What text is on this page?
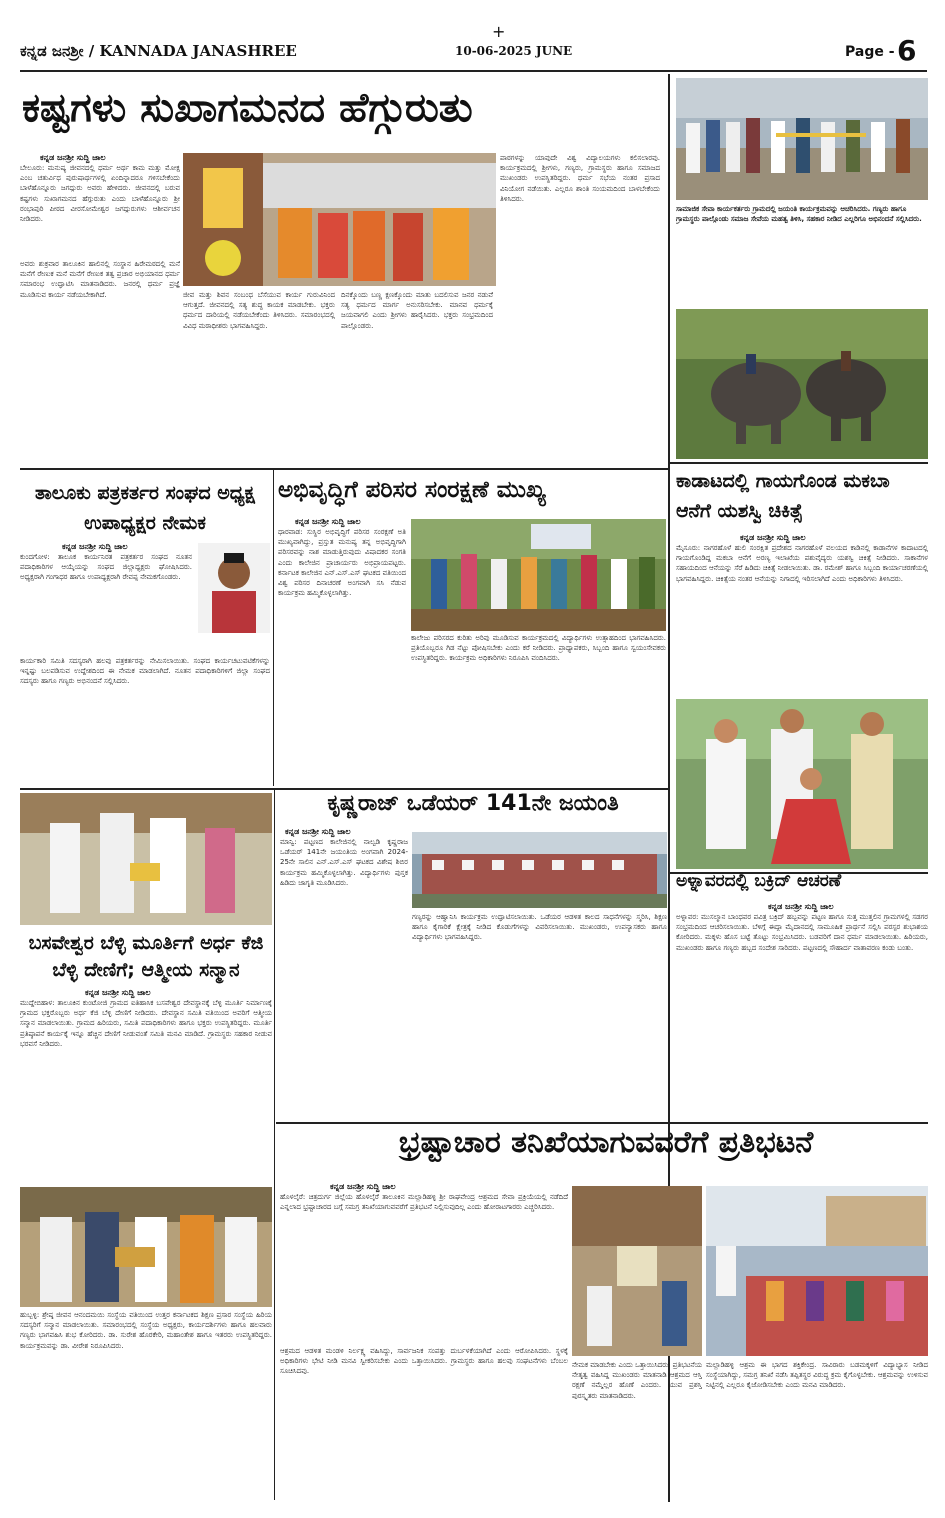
+
ಕನ್ನಡ ಜನಶ್ರೀ / KANNADA JANASHREE	10-06-2025 JUNE	Page - 6
ಕಷ್ಟಗಳು ಸುಖಾಗಮನದ ಹೆಗ್ಗುರುತು
ಕನ್ನಡ ಜನಶ್ರೀ ಸುದ್ದಿ ಜಾಲ
ಬೇಲೂರು: ಮನುಷ್ಯ ಜೀವನದಲ್ಲಿ ಧರ್ಮ ಅರ್ಥ ಕಾಮ ಮತ್ತು ಮೋಕ್ಷ ಎಂಬ ಚತುರ್ವಿಧ ಪುರುಷಾರ್ಥಗಳಲ್ಲಿ ಏಂದಿನ್ನಾದರೂ ಗಳಿಸಬೇಕೆಂದು ಬಾಳೆಹೊನ್ನೂರು ಜಗದ್ಗುರು ಅವರು ಹೇಳಿದರು. ಜೀವನದಲ್ಲಿ ಬರುವ ಕಷ್ಟಗಳು ಸುಖಾಗಮನದ ಹೆಗ್ಗುರುತು ಎಂದು ಬಾಳೆಹೊನ್ನೂರು ಶ್ರೀ ರಂಭಾಪುರಿ ಪೀಠದ ವೀರಸೋಮೇಶ್ವರ ಜಗದ್ಗುರುಗಳು ಆಶೀರ್ವಚನ ನೀಡಿದರು.
ಅವರು ಶುಕ್ರವಾರ ತಾಲೂಕಿನ ಹಾಲಿನಲ್ಲಿ ಸಂಸ್ಥಾನ ಹಿರೇಮಠದಲ್ಲಿ ಮನೆ ಮನೆಗೆ ರೇಣುಕ ಮನೆ ಮನೆಗೆ ರೇಣುಕ ತತ್ವ ಪ್ರಚಾರ ಅಭಿಯಾನದ ಧರ್ಮ ಸಮಾರಂಭ ಉದ್ಘಾಟಿಸಿ ಮಾತನಾಡಿದರು. ಜನರಲ್ಲಿ ಧರ್ಮ ಪ್ರಜ್ಞೆ ಮೂಡಿಸುವ ಕಾರ್ಯ ನಡೆಯಬೇಕಾಗಿದೆ.	ಜೀವ ಮತ್ತು ಶಿವನ ಸಂಬಂಧ ಬೆಸೆಯುವ ಕಾರ್ಯ ಗುರುವಿನಿಂದ ಆಗುತ್ತದೆ. ಜೀವನದಲ್ಲಿ ಸತ್ಯ ಶುದ್ಧ ಕಾಯಕ ಮಾಡಬೇಕು. ಭಕ್ತರು ಧರ್ಮದ ದಾರಿಯಲ್ಲಿ ನಡೆಯಬೇಕೆಂದು ತಿಳಿಸಿದರು. ಸಮಾರಂಭದಲ್ಲಿ ವಿವಿಧ ಮಠಾಧೀಶರು ಭಾಗವಹಿಸಿದ್ದರು.
ದಿನಕ್ಕೊಂದು ಬಣ್ಣ ಕ್ಷಣಕ್ಕೊಂದು ಮಾತು ಬದಲಿಸುವ ಜನರ ನಡುವೆ ಸತ್ಯ ಧರ್ಮದ ಮಾರ್ಗ ಅನುಸರಿಸಬೇಕು. ಮಾನವ ಧರ್ಮಕ್ಕೆ ಜಯವಾಗಲಿ ಎಂದು ಶ್ರೀಗಳು ಹಾರೈಸಿದರು. ಭಕ್ತರು ಸಂಭ್ರಮದಿಂದ ಪಾಲ್ಗೊಂಡರು.
ಪಾಠಗಳನ್ನು ಯಾವುದೇ ವಿಶ್ವ ವಿದ್ಯಾಲಯಗಳು ಕಲಿಸಲಾರವು. ಕಾರ್ಯಕ್ರಮದಲ್ಲಿ ಶ್ರೀಗಳು, ಗಣ್ಯರು, ಗ್ರಾಮಸ್ಥರು ಹಾಗೂ ಸಮಾಜದ ಮುಖಂಡರು ಉಪಸ್ಥಿತರಿದ್ದರು. ಧರ್ಮ ಸಭೆಯ ನಂತರ ಪ್ರಸಾದ ವಿನಿಯೋಗ ನಡೆಯಿತು. ಎಲ್ಲರೂ ಶಾಂತಿ ಸಂಯಮದಿಂದ ಬಾಳಬೇಕೆಂದು ತಿಳಿಸಿದರು.
ಸಾಮಾಜಿಕ ಸೇವಾ ಕಾರ್ಯಕರ್ತರು ಗ್ರಾಮದಲ್ಲಿ ಜಯಂತಿ ಕಾರ್ಯಕ್ರಮವನ್ನು ಆಚರಿಸಿದರು. ಗಣ್ಯರು ಹಾಗೂ ಗ್ರಾಮಸ್ಥರು ಪಾಲ್ಗೊಂಡು ಸಮಾಜ ಸೇವೆಯ ಮಹತ್ವ ತಿಳಿಸಿ, ಸಹಕಾರ ನೀಡಿದ ಎಲ್ಲರಿಗೂ ಅಭಿನಂದನೆ ಸಲ್ಲಿಸಿದರು.
ಕಾಡಾಟದಲ್ಲಿ ಗಾಯಗೊಂಡ ಮಕಬಾ ಆನೆಗೆ ಯಶಸ್ವಿ ಚಿಕಿತ್ಸೆ
ಕನ್ನಡ ಜನಶ್ರೀ ಸುದ್ದಿ ಜಾಲ
ಮೈಸೂರು: ನಾಗರಹೊಳೆ ಹುಲಿ ಸಂರಕ್ಷಿತ ಪ್ರದೇಶದ ನಾಗರಹೊಳೆ ವಲಯದ ಕಾಡಿನಲ್ಲಿ ಕಾಡಾನೆಗಳ ಕಾದಾಟದಲ್ಲಿ ಗಾಯಗೊಂಡಿದ್ದ ಮಕಬಾ ಆನೆಗೆ ಅರಣ್ಯ ಇಲಾಖೆಯ ಪಶುವೈದ್ಯರು ಯಶಸ್ವಿ ಚಿಕಿತ್ಸೆ ನೀಡಿದರು. ಸಾಕಾನೆಗಳ ಸಹಾಯದಿಂದ ಆನೆಯನ್ನು ಸೆರೆ ಹಿಡಿದು ಚಿಕಿತ್ಸೆ ನೀಡಲಾಯಿತು. ಡಾ. ರಮೇಶ್ ಹಾಗೂ ಸಿಬ್ಬಂದಿ ಕಾರ್ಯಾಚರಣೆಯಲ್ಲಿ ಭಾಗವಹಿಸಿದ್ದರು. ಚಿಕಿತ್ಸೆಯ ನಂತರ ಆನೆಯನ್ನು ನಿಗಾದಲ್ಲಿ ಇರಿಸಲಾಗಿದೆ ಎಂದು ಅಧಿಕಾರಿಗಳು ತಿಳಿಸಿದರು.
ಅಳ್ನಾವರದಲ್ಲಿ ಬಕ್ರಿದ್ ಆಚರಣೆ
ಕನ್ನಡ ಜನಶ್ರೀ ಸುದ್ದಿ ಜಾಲ
ಅಳ್ನಾವರ: ಮುಸಲ್ಮಾನ ಬಾಂಧವರ ಪವಿತ್ರ ಬಕ್ರಿದ್ ಹಬ್ಬವನ್ನು ಪಟ್ಟಣ ಹಾಗೂ ಸುತ್ತ ಮುತ್ತಲಿನ ಗ್ರಾಮಗಳಲ್ಲಿ ಸಡಗರ ಸಂಭ್ರಮದಿಂದ ಆಚರಿಸಲಾಯಿತು. ಬೆಳಿಗ್ಗೆ ಈದ್ಗಾ ಮೈದಾನದಲ್ಲಿ ಸಾಮೂಹಿಕ ಪ್ರಾರ್ಥನೆ ಸಲ್ಲಿಸಿ ಪರಸ್ಪರ ಶುಭಾಶಯ ಕೋರಿದರು. ಮಕ್ಕಳು ಹೊಸ ಬಟ್ಟೆ ತೊಟ್ಟು ಸಂಭ್ರಮಿಸಿದರು. ಬಡವರಿಗೆ ದಾನ ಧರ್ಮ ಮಾಡಲಾಯಿತು. ಹಿರಿಯರು, ಮುಖಂಡರು ಹಾಗೂ ಗಣ್ಯರು ಹಬ್ಬದ ಸಂದೇಶ ಸಾರಿದರು. ಪಟ್ಟಣದಲ್ಲಿ ಸೌಹಾರ್ದ ವಾತಾವರಣ ಕಂಡು ಬಂತು.
ತಾಲೂಕು ಪತ್ರಕರ್ತರ ಸಂಘದ ಅಧ್ಯಕ್ಷ ಉಪಾಧ್ಯಕ್ಷರ ನೇಮಕ
ಕನ್ನಡ ಜನಶ್ರೀ ಸುದ್ದಿ ಜಾಲ
ಕುಂದಗೋಳ: ತಾಲೂಕ ಕಾರ್ಯನಿರತ ಪತ್ರಕರ್ತರ ಸಂಘದ ನೂತನ ಪದಾಧಿಕಾರಿಗಳ ಆಯ್ಕೆಯನ್ನು ಸಂಘದ ಜಿಲ್ಲಾಧ್ಯಕ್ಷರು ಘೋಷಿಸಿದರು. ಅಧ್ಯಕ್ಷರಾಗಿ ಗಂಗಾಧರ ಹಾಗೂ ಉಪಾಧ್ಯಕ್ಷರಾಗಿ ರೇವಪ್ಪ ನೇಮಕಗೊಂಡರು.
ಕಾರ್ಯಕಾರಿ ಸಮಿತಿ ಸದಸ್ಯರಾಗಿ ಹಲವು ಪತ್ರಕರ್ತರನ್ನು ನೇಮಿಸಲಾಯಿತು. ಸಂಘದ ಕಾರ್ಯಚಟುವಟಿಕೆಗಳನ್ನು ಇನ್ನಷ್ಟು ಬಲಪಡಿಸುವ ಉದ್ದೇಶದಿಂದ ಈ ನೇಮಕ ಮಾಡಲಾಗಿದೆ. ನೂತನ ಪದಾಧಿಕಾರಿಗಳಿಗೆ ಜಿಲ್ಲಾ ಸಂಘದ ಸದಸ್ಯರು ಹಾಗೂ ಗಣ್ಯರು ಅಭಿನಂದನೆ ಸಲ್ಲಿಸಿದರು.
ಅಭಿವೃದ್ಧಿಗೆ ಪರಿಸರ ಸಂರಕ್ಷಣೆ ಮುಖ್ಯ
ಕನ್ನಡ ಜನಶ್ರೀ ಸುದ್ದಿ ಜಾಲ
ಧಾರವಾಡ: ಸುಸ್ಥಿರ ಅಭಿವೃದ್ಧಿಗೆ ಪರಿಸರ ಸಂರಕ್ಷಣೆ ಅತಿ ಮುಖ್ಯವಾಗಿದ್ದು, ಪ್ರಸ್ತುತ ಮನುಷ್ಯ ತನ್ನ ಅಭಿವೃದ್ಧಿಗಾಗಿ ಪರಿಸರವನ್ನು ನಾಶ ಮಾಡುತ್ತಿರುವುದು ವಿಷಾದಕರ ಸಂಗತಿ ಎಂದು ಕಾಲೇಜಿನ ಪ್ರಾಚಾರ್ಯರು ಅಭಿಪ್ರಾಯಪಟ್ಟರು. ಕರ್ನಾಟಕ ಕಾಲೇಜಿನ ಎನ್.ಎಸ್.ಎಸ್ ಘಟಕದ ವತಿಯಿಂದ ವಿಶ್ವ ಪರಿಸರ ದಿನಾಚರಣೆ ಅಂಗವಾಗಿ ಸಸಿ ನೆಡುವ ಕಾರ್ಯಕ್ರಮ ಹಮ್ಮಿಕೊಳ್ಳಲಾಗಿತ್ತು.
ಕಾಲೇಜು ಪರಿಸರದ ಕುರಿತು ಅರಿವು ಮೂಡಿಸುವ ಕಾರ್ಯಕ್ರಮದಲ್ಲಿ ವಿದ್ಯಾರ್ಥಿಗಳು ಉತ್ಸಾಹದಿಂದ ಭಾಗವಹಿಸಿದರು. ಪ್ರತಿಯೊಬ್ಬರೂ ಗಿಡ ನೆಟ್ಟು ಪೋಷಿಸಬೇಕು ಎಂದು ಕರೆ ನೀಡಿದರು. ಪ್ರಾಧ್ಯಾಪಕರು, ಸಿಬ್ಬಂದಿ ಹಾಗೂ ಸ್ವಯಂಸೇವಕರು ಉಪಸ್ಥಿತರಿದ್ದರು. ಕಾರ್ಯಕ್ರಮ ಅಧಿಕಾರಿಗಳು ನಿರೂಪಿಸಿ ವಂದಿಸಿದರು.
ಬಸವೇಶ್ವರ ಬೆಳ್ಳಿ ಮೂರ್ತಿಗೆ ಅರ್ಧ ಕೆಜಿ ಬೆಳ್ಳಿ ದೇಣಿಗೆ; ಆತ್ಮೀಯ ಸನ್ಮಾನ
ಕನ್ನಡ ಜನಶ್ರೀ ಸುದ್ದಿ ಜಾಲ
ಮುದ್ದೇಬಿಹಾಳ: ತಾಲೂಕಿನ ಕುಂಟೋಜಿ ಗ್ರಾಮದ ಐತಿಹಾಸಿಕ ಬಸವೇಶ್ವರ ದೇವಸ್ಥಾನಕ್ಕೆ ಬೆಳ್ಳಿ ಮೂರ್ತಿ ನಿರ್ಮಾಣಕ್ಕೆ ಗ್ರಾಮದ ಭಕ್ತರೊಬ್ಬರು ಅರ್ಧ ಕೆಜಿ ಬೆಳ್ಳಿ ದೇಣಿಗೆ ನೀಡಿದರು. ದೇವಸ್ಥಾನ ಸಮಿತಿ ವತಿಯಿಂದ ಅವರಿಗೆ ಆತ್ಮೀಯ ಸನ್ಮಾನ ಮಾಡಲಾಯಿತು. ಗ್ರಾಮದ ಹಿರಿಯರು, ಸಮಿತಿ ಪದಾಧಿಕಾರಿಗಳು ಹಾಗೂ ಭಕ್ತರು ಉಪಸ್ಥಿತರಿದ್ದರು. ಮೂರ್ತಿ ಪ್ರತಿಷ್ಠಾಪನೆ ಕಾರ್ಯಕ್ಕೆ ಇನ್ನೂ ಹೆಚ್ಚಿನ ದೇಣಿಗೆ ನೀಡುವಂತೆ ಸಮಿತಿ ಮನವಿ ಮಾಡಿದೆ. ಗ್ರಾಮಸ್ಥರು ಸಹಕಾರ ನೀಡುವ ಭರವಸೆ ನೀಡಿದರು.
ಹುಬ್ಬಳ್ಳಿ: ಶ್ರೇಷ್ಠ ಜೀವನ ಆನಂದಮಯಿ ಸಂಸ್ಥೆಯ ವತಿಯಿಂದ ಉತ್ತರ ಕರ್ನಾಟಕದ ಶಿಕ್ಷಣ ಪ್ರಸಾರ ಸಂಸ್ಥೆಯ ಹಿರಿಯ ಸದಸ್ಯರಿಗೆ ಸನ್ಮಾನ ಮಾಡಲಾಯಿತು. ಸಮಾರಂಭದಲ್ಲಿ ಸಂಸ್ಥೆಯ ಅಧ್ಯಕ್ಷರು, ಕಾರ್ಯದರ್ಶಿಗಳು ಹಾಗೂ ಹಲವಾರು ಗಣ್ಯರು ಭಾಗವಹಿಸಿ ಶುಭ ಕೋರಿದರು. ಡಾ. ಸುರೇಶ ಹೊರಕೇರಿ, ಮಹಾಂತೇಶ ಹಾಗೂ ಇತರರು ಉಪಸ್ಥಿತರಿದ್ದರು. ಕಾರ್ಯಕ್ರಮವನ್ನು ಡಾ. ವೀರೇಶ ನಿರೂಪಿಸಿದರು.
ಕೃಷ್ಣರಾಜ್ ಒಡೆಯರ್ 141ನೇ ಜಯಂತಿ
ಕನ್ನಡ ಜನಶ್ರೀ ಸುದ್ದಿ ಜಾಲ
ಮಾನ್ವಿ: ಪಟ್ಟಣದ ಕಾಲೇಜಿನಲ್ಲಿ ನಾಲ್ವಡಿ ಕೃಷ್ಣರಾಜ ಒಡೆಯರ್ 141ನೇ ಜಯಂತಿಯ ಅಂಗವಾಗಿ 2024-25ನೇ ಸಾಲಿನ ಎನ್.ಎಸ್.ಎಸ್ ಘಟಕದ ವಿಶೇಷ ಶಿಬಿರ ಕಾರ್ಯಕ್ರಮ ಹಮ್ಮಿಕೊಳ್ಳಲಾಗಿತ್ತು. ವಿದ್ಯಾರ್ಥಿಗಳು ಪುಸ್ತಕ ಹಿಡಿದು ಜಾಗೃತಿ ಮೂಡಿಸಿದರು.
ಗಣ್ಯರನ್ನು ಆಹ್ವಾನಿಸಿ ಕಾರ್ಯಕ್ರಮ ಉದ್ಘಾಟಿಸಲಾಯಿತು. ಒಡೆಯರ ಆಡಳಿತ ಕಾಲದ ಸಾಧನೆಗಳನ್ನು ಸ್ಮರಿಸಿ, ಶಿಕ್ಷಣ ಹಾಗೂ ಕೈಗಾರಿಕೆ ಕ್ಷೇತ್ರಕ್ಕೆ ನೀಡಿದ ಕೊಡುಗೆಗಳನ್ನು ವಿವರಿಸಲಾಯಿತು. ಮುಖಂಡರು, ಉಪನ್ಯಾಸಕರು ಹಾಗೂ ವಿದ್ಯಾರ್ಥಿಗಳು ಭಾಗವಹಿಸಿದ್ದರು.
ಭ್ರಷ್ಟಾಚಾರ ತನಿಖೆಯಾಗುವವರೆಗೆ ಪ್ರತಿಭಟನೆ
ಕನ್ನಡ ಜನಶ್ರೀ ಸುದ್ದಿ ಜಾಲ
ಹೊಳಲ್ಕೆರೆ: ಚಿತ್ರದುರ್ಗ ಜಿಲ್ಲೆಯ ಹೊಳಲ್ಕೆರೆ ತಾಲೂಕಿನ ಮಲ್ಲಾಡಿಹಳ್ಳಿ ಶ್ರೀ ರಾಘವೇಂದ್ರ ಆಶ್ರಮದ ಸೇವಾ ಪ್ರಕ್ರಿಯೆಯಲ್ಲಿ ನಡೆದಿದೆ ಎನ್ನಲಾದ ಭ್ರಷ್ಟಾಚಾರದ ಬಗ್ಗೆ ಸಮಗ್ರ ತನಿಖೆಯಾಗುವವರೆಗೆ ಪ್ರತಿಭಟನೆ ನಿಲ್ಲಿಸುವುದಿಲ್ಲ ಎಂದು ಹೋರಾಟಗಾರರು ಎಚ್ಚರಿಸಿದರು.
ಆಶ್ರಮದ ಆಡಳಿತ ಮಂಡಳಿ ನಿರ್ಲಕ್ಷ್ಯ ವಹಿಸಿದ್ದು, ಸಾರ್ವಜನಿಕ ಸಂಪತ್ತು ದುರ್ಬಳಕೆಯಾಗಿದೆ ಎಂದು ಆರೋಪಿಸಿದರು. ಸ್ಥಳಕ್ಕೆ ಅಧಿಕಾರಿಗಳು ಭೇಟಿ ನೀಡಿ ಮನವಿ ಸ್ವೀಕರಿಸಬೇಕು ಎಂದು ಒತ್ತಾಯಿಸಿದರು. ಗ್ರಾಮಸ್ಥರು ಹಾಗೂ ಹಲವು ಸಂಘಟನೆಗಳು ಬೆಂಬಲ ಸೂಚಿಸಿದವು.
ನೇಮಕ ಮಾಡಬೇಕು ಎಂದು ಒತ್ತಾಯಿಸಿದರು. ಪ್ರತಿಭಟನೆಯ ನೇತೃತ್ವ ವಹಿಸಿದ್ದ ಮುಖಂಡರು ಮಾತನಾಡಿ ಆಶ್ರಮದ ಆಸ್ತಿ ರಕ್ಷಣೆ ನಮ್ಮೆಲ್ಲರ ಹೊಣೆ ಎಂದರು. ಯುವ ಪ್ರಶಸ್ತಿ ಪುರಸ್ಕೃತರು ಮಾತನಾಡಿದರು.
ಮಲ್ಲಾಡಿಹಳ್ಳಿ ಆಶ್ರಮ ಈ ಭಾಗದ ಶಕ್ತಿಕೇಂದ್ರ. ಸಾವಿರಾರು ಬಡಮಕ್ಕಳಿಗೆ ವಿದ್ಯಾಭ್ಯಾಸ ನೀಡಿದ ಸಂಸ್ಥೆಯಾಗಿದ್ದು, ಸಮಗ್ರ ತನಿಖೆ ನಡೆಸಿ ತಪ್ಪಿತಸ್ಥರ ವಿರುದ್ಧ ಕ್ರಮ ಕೈಗೊಳ್ಳಬೇಕು. ಆಶ್ರಮವನ್ನು ಉಳಿಸುವ ನಿಟ್ಟಿನಲ್ಲಿ ಎಲ್ಲರೂ ಕೈಜೋಡಿಸಬೇಕು ಎಂದು ಮನವಿ ಮಾಡಿದರು.
